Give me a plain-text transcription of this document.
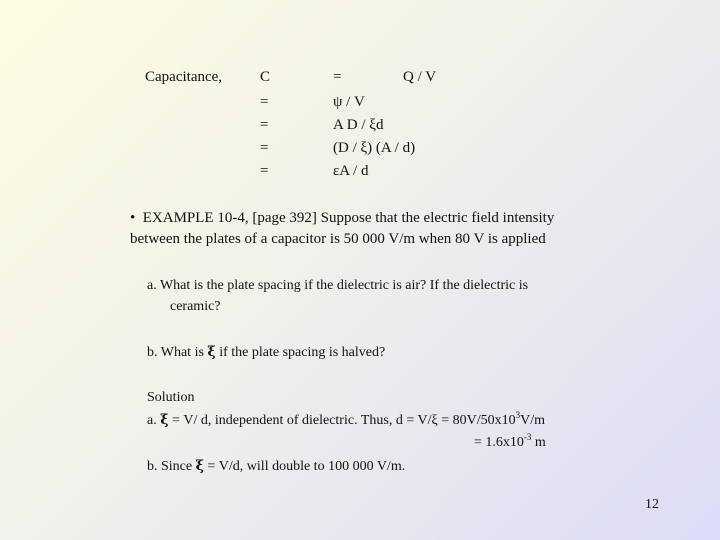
Capacitance,	C	=	Q / V
=	ψ / V
=	A D / ξd
=	(D / ξ) (A / d)
=	εA / d
• EXAMPLE 10-4, [page 392] Suppose that the electric field intensity
between the plates of a capacitor is 50 000 V/m when 80 V is applied
a. What is the plate spacing if the dielectric is air? If the dielectric is
ceramic?
b. What is ξ if the plate spacing is halved?
Solution
a. ξ = V/ d, independent of dielectric. Thus, $d = V/\xi = 80V/50x10^3V/m$
= $1.6x10^{-3}$ m
b. Since ξ = V/d, will double to 100 000 V/m.
12
